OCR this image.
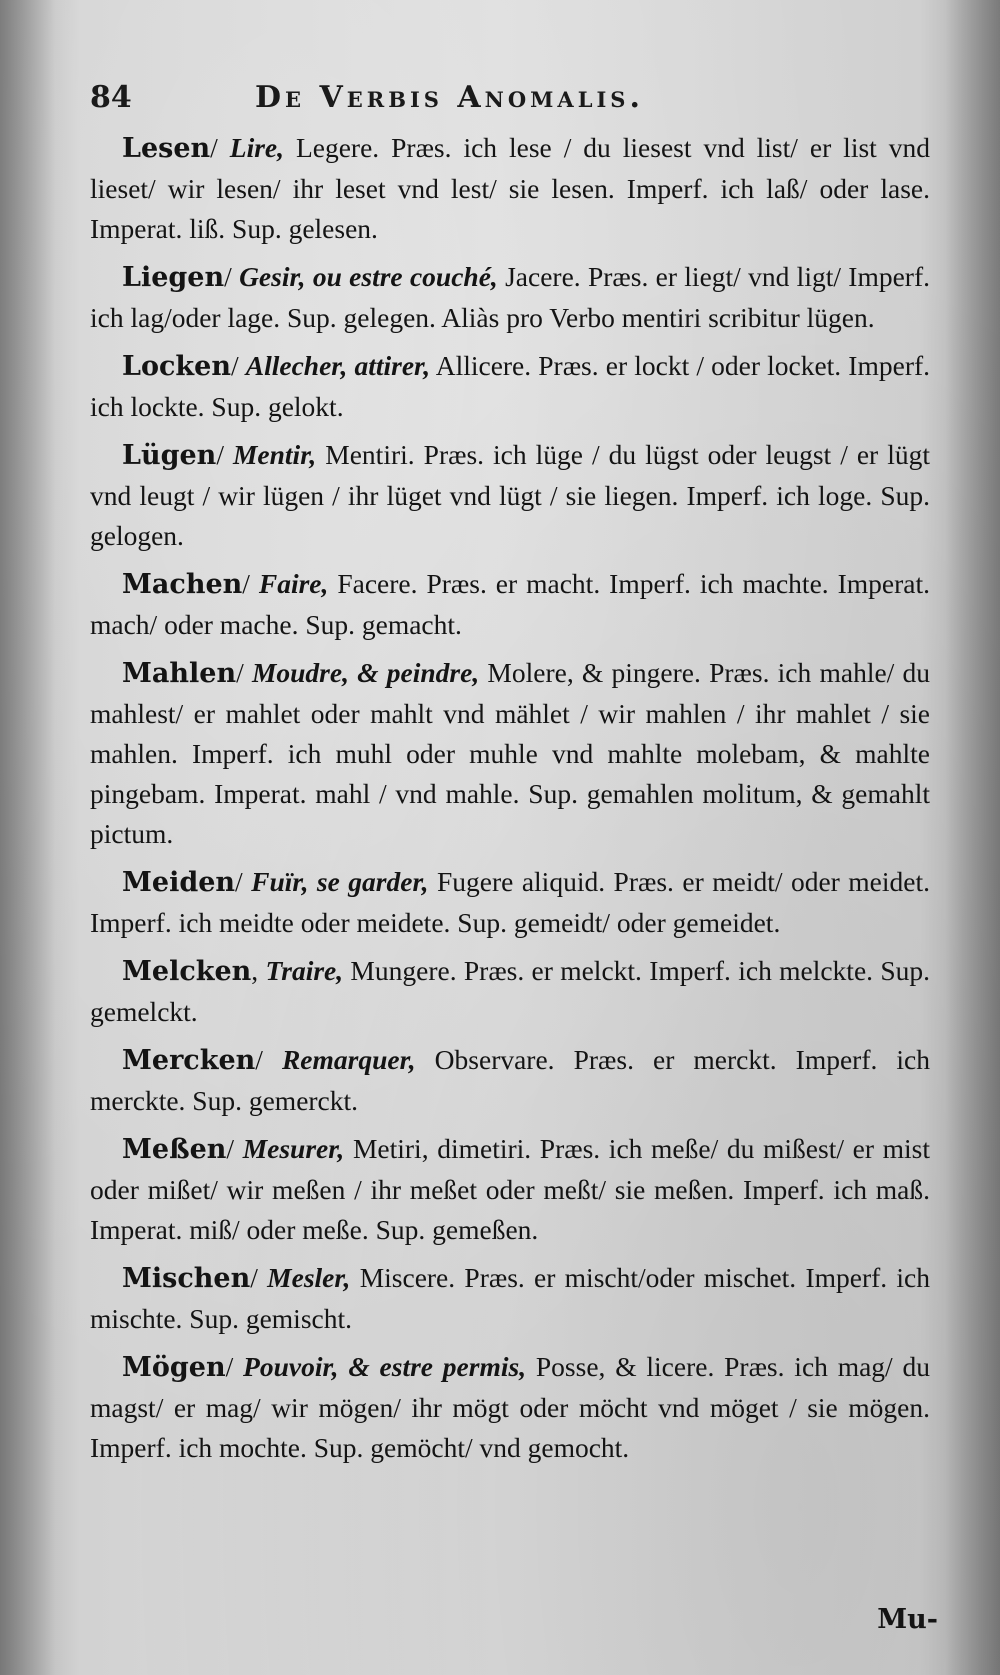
84	De Verbis Anomalis.

Lesen/ Lire, Legere. Præs. ich lese / du liesest vnd list/ er list vnd lieset/ wir lesen/ ihr leset vnd lest/ sie lesen. Imperf. ich laß/ oder lase. Imperat. liß. Sup. gelesen.

Liegen/ Gesir, ou estre couché, Jacere. Præs. er liegt/ vnd ligt/ Imperf. ich lag/oder lage. Sup. gelegen. Aliàs pro Verbo mentiri scribitur lügen.

Locken/ Allecher, attirer, Allicere. Præs. er lockt / oder locket. Imperf. ich lockte. Sup. gelokt.

Lügen/ Mentir, Mentiri. Præs. ich lüge / du lügst oder leugst / er lügt vnd leugt / wir lügen / ihr lüget vnd lügt / sie liegen. Imperf. ich loge. Sup. gelogen.

Machen/ Faire, Facere. Præs. er macht. Imperf. ich machte. Imperat. mach/ oder mache. Sup. gemacht.

Mahlen/ Moudre, & peindre, Molere, & pingere. Præs. ich mahle/ du mahlest/ er mahlet oder mahlt vnd mählet / wir mahlen / ihr mahlet / sie mahlen. Imperf. ich muhl oder muhle vnd mahlte molebam, & mahlte pingebam. Imperat. mahl / vnd mahle. Sup. gemahlen molitum, & gemahlt pictum.

Meiden/ Fuïr, se garder, Fugere aliquid. Præs. er meidt/ oder meidet. Imperf. ich meidte oder meidete. Sup. gemeidt/ oder gemeidet.

Melcken, Traire, Mungere. Præs. er melckt. Imperf. ich melckte. Sup. gemelckt.

Mercken/ Remarquer, Observare. Præs. er merckt. Imperf. ich merckte. Sup. gemerckt.

Meßen/ Mesurer, Metiri, dimetiri. Præs. ich meße/ du mißest/ er mist oder mißet/ wir meßen / ihr meßet oder meßt/ sie meßen. Imperf. ich maß. Imperat. miß/ oder meße. Sup. gemeßen.

Mischen/ Mesler, Miscere. Præs. er mischt/oder mischet. Imperf. ich mischte. Sup. gemischt.

Mögen/ Pouvoir, & estre permis, Posse, & licere. Præs. ich mag/ du magst/ er mag/ wir mögen/ ihr mögt oder möcht vnd möget / sie mögen. Imperf. ich mochte. Sup. gemöcht/ vnd gemocht.

Mu-
